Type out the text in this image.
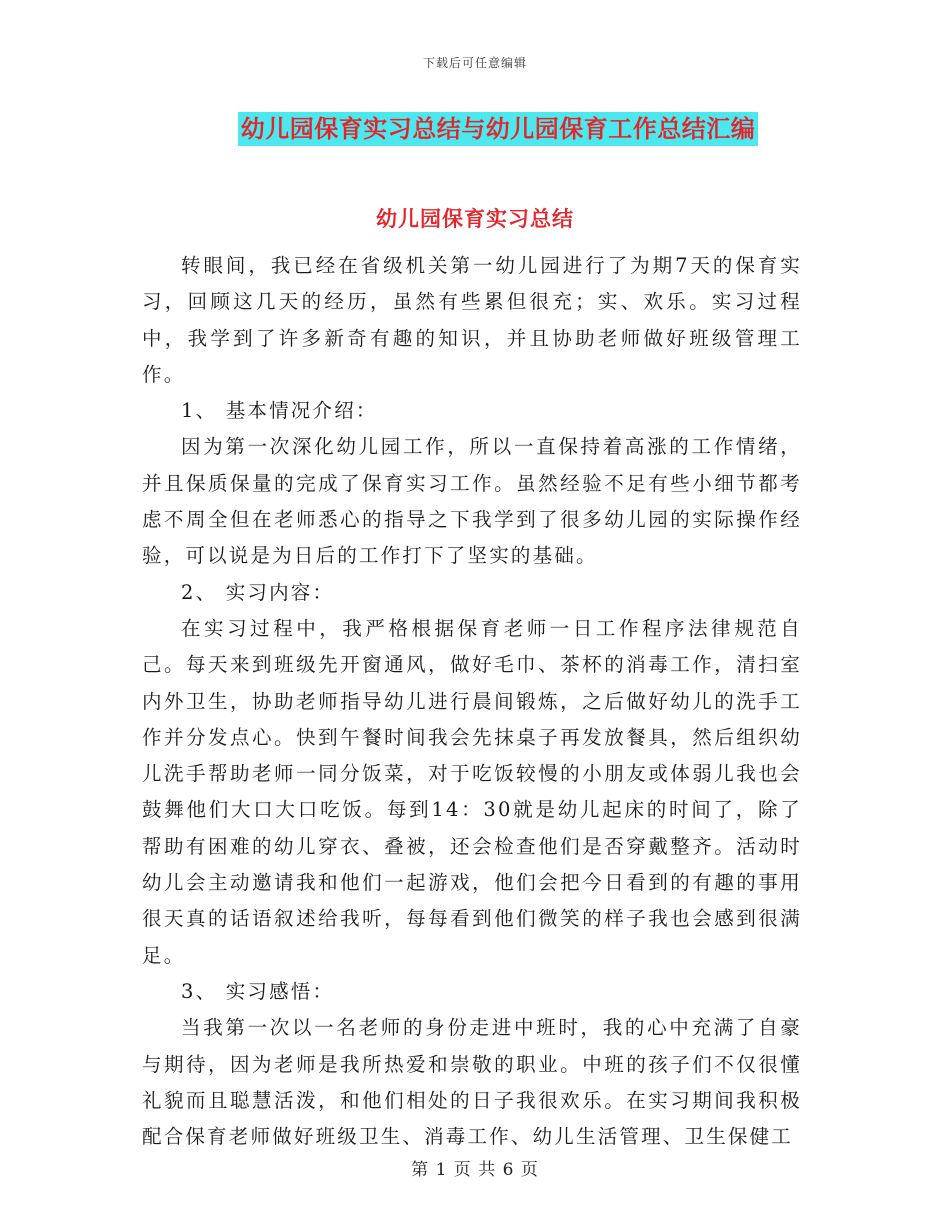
下载后可任意编辑
幼儿园保育实习总结与幼儿园保育工作总结汇编
幼儿园保育实习总结

转眼间，我已经在省级机关第一幼儿园进行了为期7天的保育实习，回顾这几天的经历，虽然有些累但很充；实、欢乐。实习过程中，我学到了许多新奇有趣的知识，并且协助老师做好班级管理工作。

1、 基本情况介绍：

因为第一次深化幼儿园工作，所以一直保持着高涨的工作情绪，并且保质保量的完成了保育实习工作。虽然经验不足有些小细节都考虑不周全但在老师悉心的指导之下我学到了很多幼儿园的实际操作经验，可以说是为日后的工作打下了坚实的基础。

2、 实习内容：

在实习过程中，我严格根据保育老师一日工作程序法律规范自己。每天来到班级先开窗通风，做好毛巾、茶杯的消毒工作，清扫室内外卫生，协助老师指导幼儿进行晨间锻炼，之后做好幼儿的洗手工作并分发点心。快到午餐时间我会先抹桌子再发放餐具，然后组织幼儿洗手帮助老师一同分饭菜，对于吃饭较慢的小朋友或体弱儿我也会鼓舞他们大口大口吃饭。每到14：30就是幼儿起床的时间了，除了帮助有困难的幼儿穿衣、叠被，还会检查他们是否穿戴整齐。活动时幼儿会主动邀请我和他们一起游戏，他们会把今日看到的有趣的事用很天真的话语叙述给我听，每每看到他们微笑的样子我也会感到很满足。

3、 实习感悟：

当我第一次以一名老师的身份走进中班时，我的心中充满了自豪与期待，因为老师是我所热爱和崇敬的职业。中班的孩子们不仅很懂礼貌而且聪慧活泼，和他们相处的日子我很欢乐。在实习期间我积极配合保育老师做好班级卫生、消毒工作、幼儿生活管理、卫生保健工

第 1 页 共 6 页
